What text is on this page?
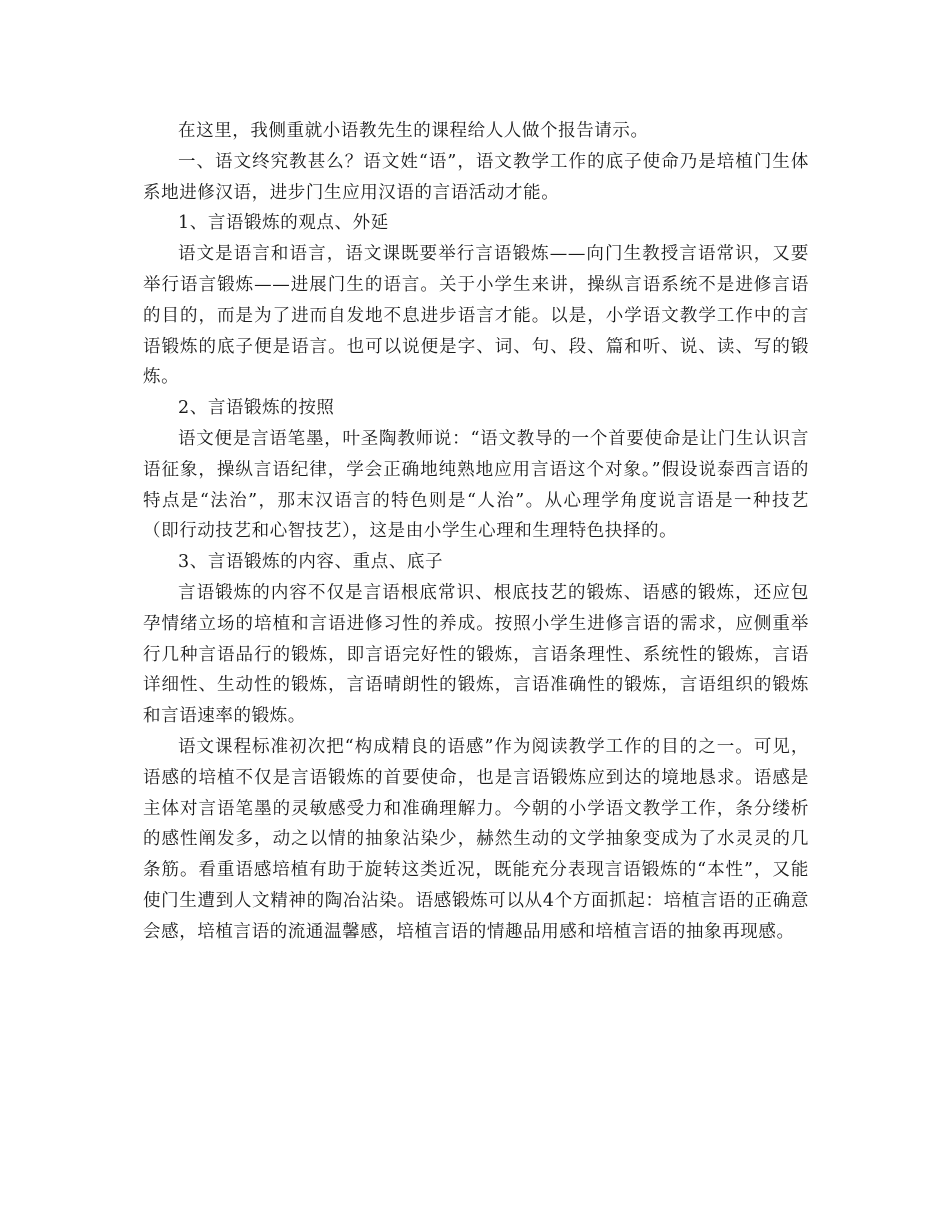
在这里，我侧重就小语教先生的课程给人人做个报告请示。

一、语文终究教甚么？语文姓“语”，语文教学工作的底子使命乃是培植门生体系地进修汉语，进步门生应用汉语的言语活动才能。

1、言语锻炼的观点、外延

语文是语言和语言，语文课既要举行言语锻炼——向门生教授言语常识，又要举行语言锻炼——进展门生的语言。关于小学生来讲，操纵言语系统不是进修言语的目的，而是为了进而自发地不息进步语言才能。以是，小学语文教学工作中的言语锻炼的底子便是语言。也可以说便是字、词、句、段、篇和听、说、读、写的锻炼。

2、言语锻炼的按照

语文便是言语笔墨，叶圣陶教师说：“语文教导的一个首要使命是让门生认识言语征象，操纵言语纪律，学会正确地纯熟地应用言语这个对象。”假设说泰西言语的特点是“法治”，那末汉语言的特色则是“人治”。从心理学角度说言语是一种技艺（即行动技艺和心智技艺），这是由小学生心理和生理特色抉择的。

3、言语锻炼的内容、重点、底子

言语锻炼的内容不仅是言语根底常识、根底技艺的锻炼、语感的锻炼，还应包孕情绪立场的培植和言语进修习性的养成。按照小学生进修言语的需求，应侧重举行几种言语品行的锻炼，即言语完好性的锻炼，言语条理性、系统性的锻炼，言语详细性、生动性的锻炼，言语晴朗性的锻炼，言语准确性的锻炼，言语组织的锻炼和言语速率的锻炼。

语文课程标准初次把“构成精良的语感”作为阅读教学工作的目的之一。可见，语感的培植不仅是言语锻炼的首要使命，也是言语锻炼应到达的境地恳求。语感是主体对言语笔墨的灵敏感受力和准确理解力。今朝的小学语文教学工作，条分缕析的感性阐发多，动之以情的抽象沾染少，赫然生动的文学抽象变成为了水灵灵的几条筋。看重语感培植有助于旋转这类近况，既能充分表现言语锻炼的“本性”，又能使门生遭到人文精神的陶冶沾染。语感锻炼可以从4个方面抓起：培植言语的正确意会感，培植言语的流通温馨感，培植言语的情趣品用感和培植言语的抽象再现感。
